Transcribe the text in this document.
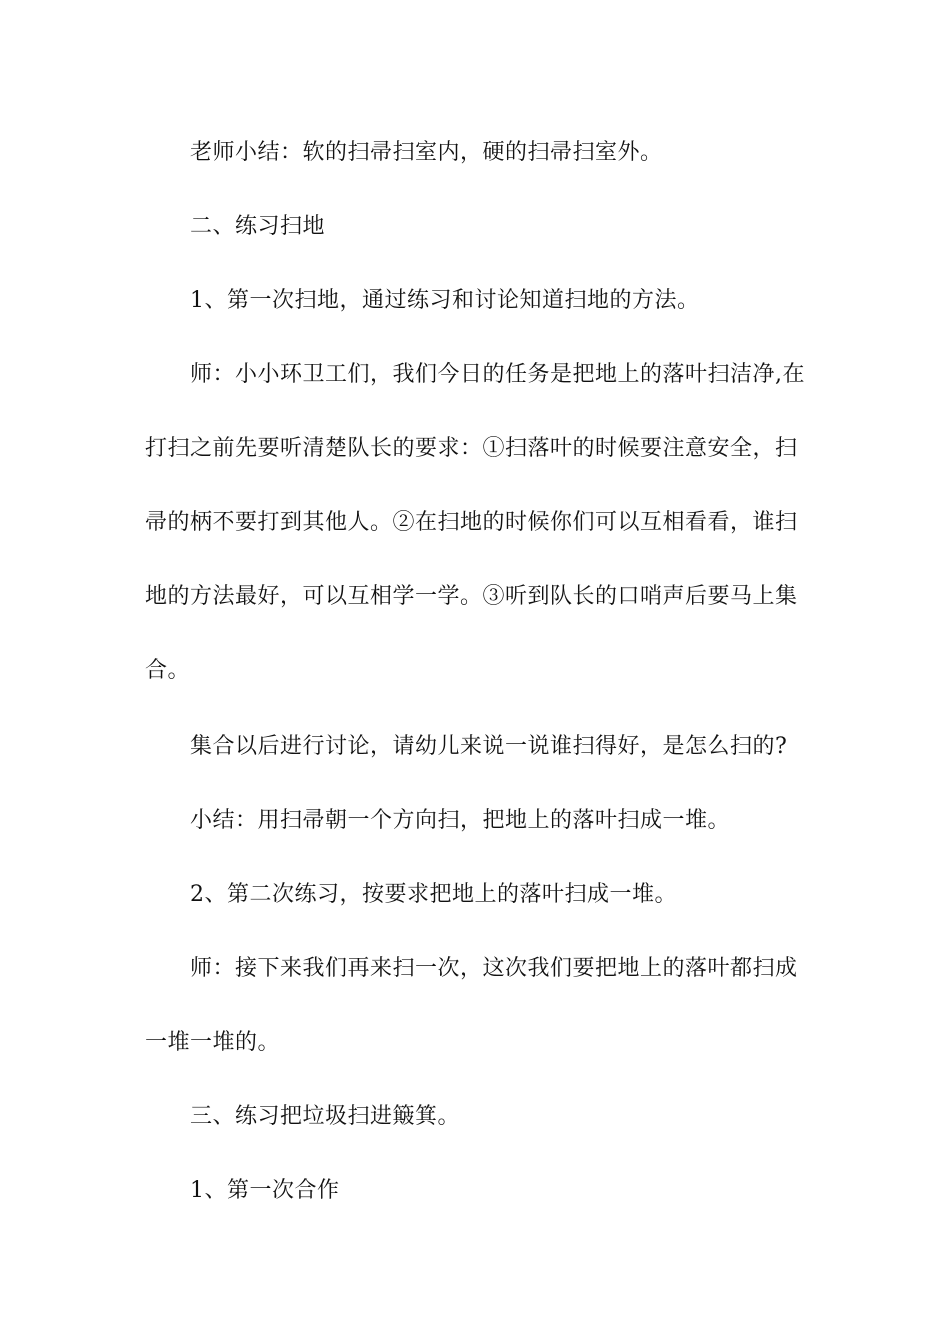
老师小结：软的扫帚扫室内，硬的扫帚扫室外。
二、练习扫地
1、第一次扫地，通过练习和讨论知道扫地的方法。
师：小小环卫工们，我们今日的任务是把地上的落叶扫洁净,在
打扫之前先要听清楚队长的要求：①扫落叶的时候要注意安全，扫
帚的柄不要打到其他人。②在扫地的时候你们可以互相看看，谁扫
地的方法最好，可以互相学一学。③听到队长的口哨声后要马上集
合。
集合以后进行讨论，请幼儿来说一说谁扫得好，是怎么扫的?
小结：用扫帚朝一个方向扫，把地上的落叶扫成一堆。
2、第二次练习，按要求把地上的落叶扫成一堆。
师：接下来我们再来扫一次，这次我们要把地上的落叶都扫成
一堆一堆的。
三、练习把垃圾扫进簸箕。
1、第一次合作
